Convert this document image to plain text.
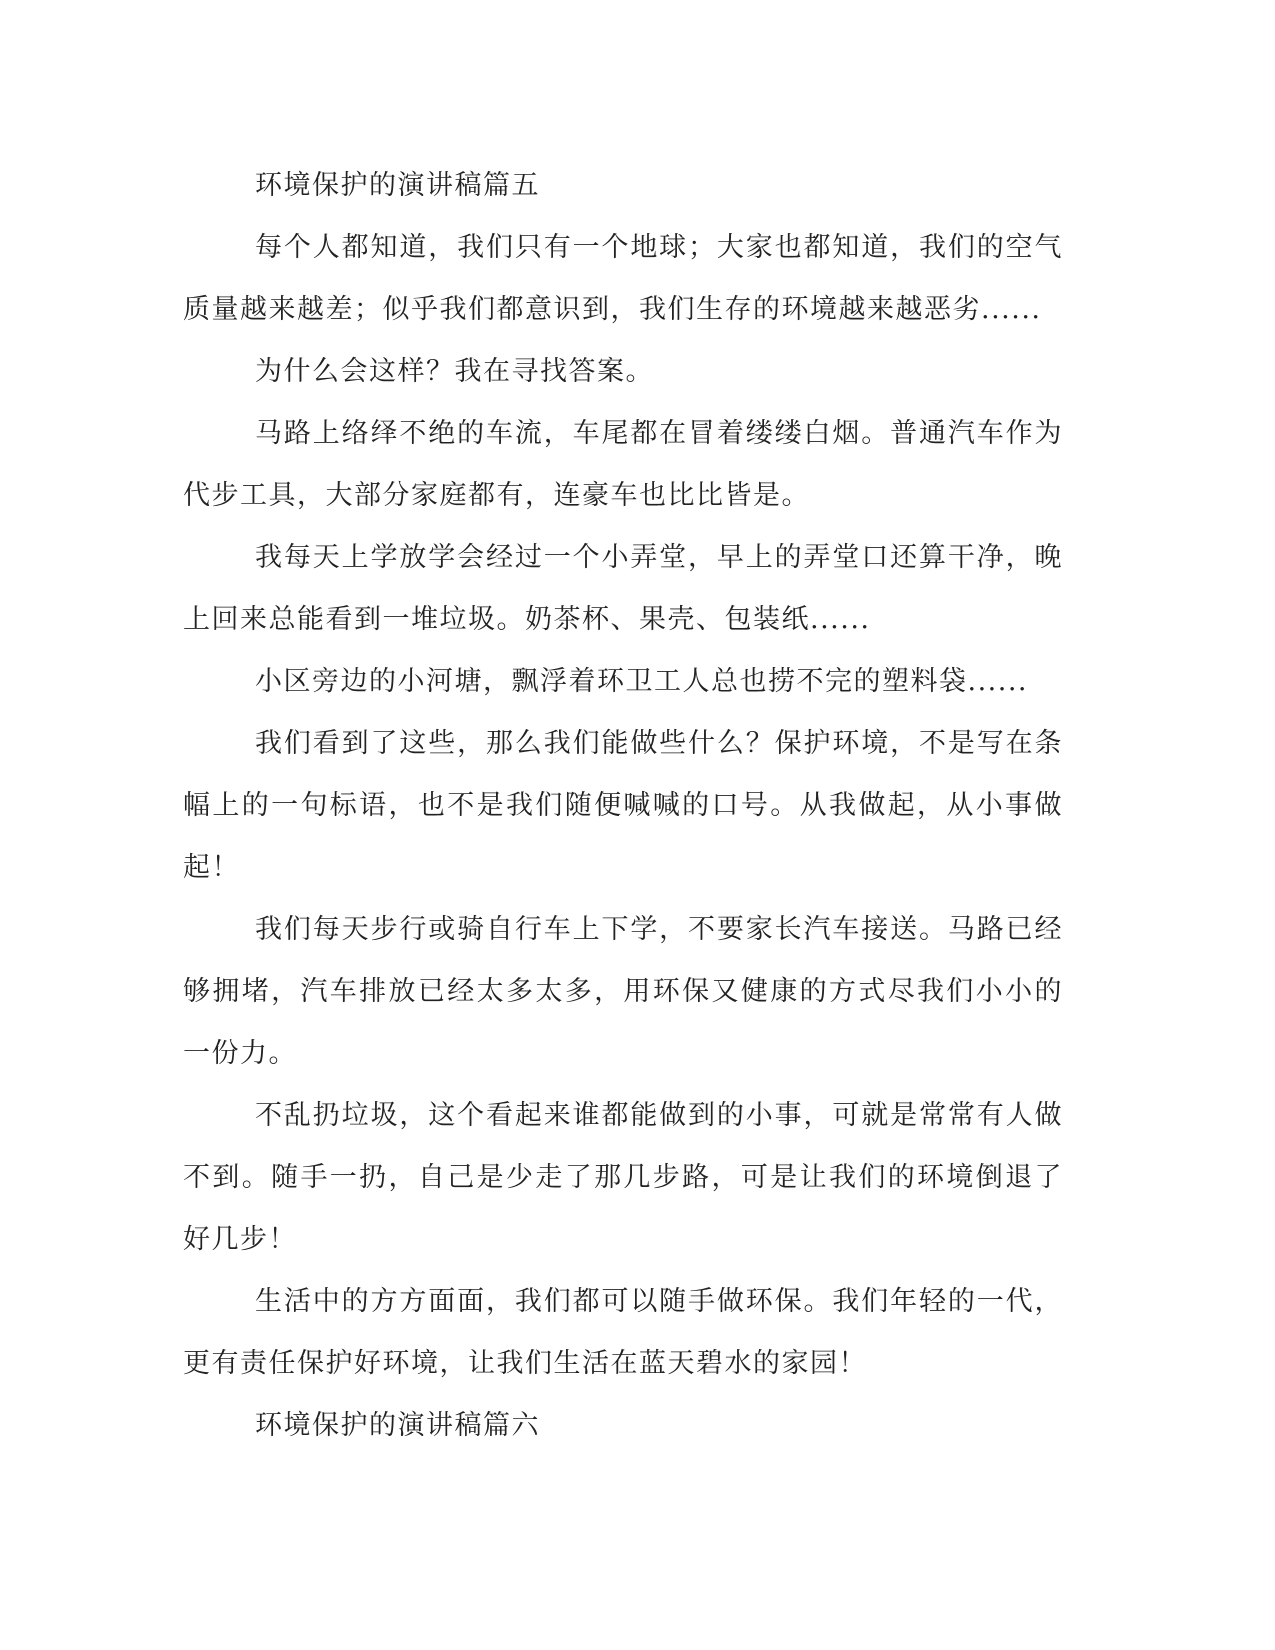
环境保护的演讲稿篇五

每个人都知道，我们只有一个地球；大家也都知道，我们的空气质量越来越差；似乎我们都意识到，我们生存的环境越来越恶劣......

为什么会这样？我在寻找答案。

马路上络绎不绝的车流，车尾都在冒着缕缕白烟。普通汽车作为代步工具，大部分家庭都有，连豪车也比比皆是。

我每天上学放学会经过一个小弄堂，早上的弄堂口还算干净，晚上回来总能看到一堆垃圾。奶茶杯、果壳、包装纸......

小区旁边的小河塘，飘浮着环卫工人总也捞不完的塑料袋......

我们看到了这些，那么我们能做些什么？保护环境，不是写在条幅上的一句标语，也不是我们随便喊喊的口号。从我做起，从小事做起！

我们每天步行或骑自行车上下学，不要家长汽车接送。马路已经够拥堵，汽车排放已经太多太多，用环保又健康的方式尽我们小小的一份力。

不乱扔垃圾，这个看起来谁都能做到的小事，可就是常常有人做不到。随手一扔，自己是少走了那几步路，可是让我们的环境倒退了好几步！

生活中的方方面面，我们都可以随手做环保。我们年轻的一代，更有责任保护好环境，让我们生活在蓝天碧水的家园！

环境保护的演讲稿篇六
